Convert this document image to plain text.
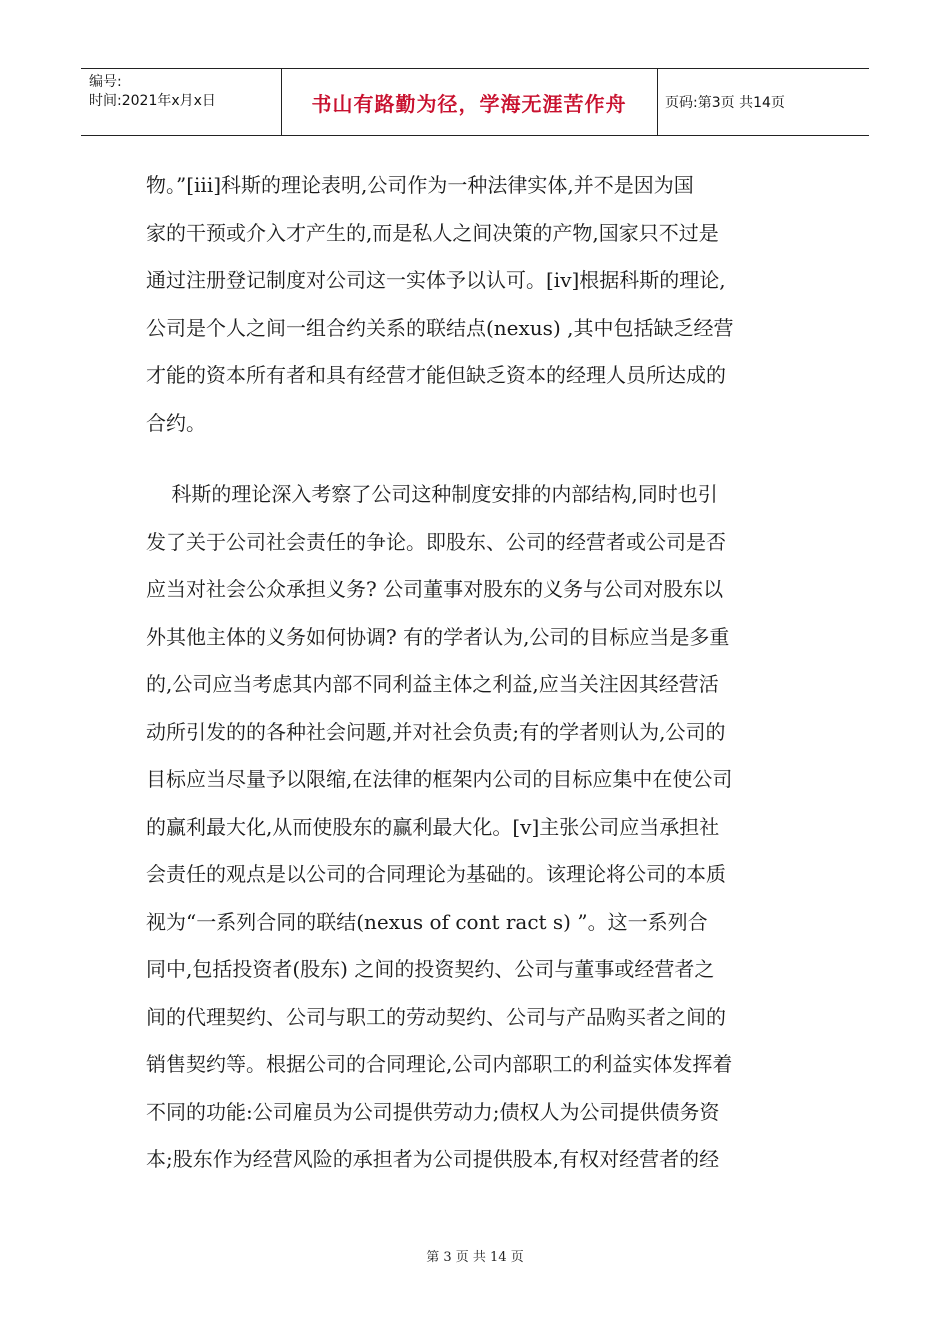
编号:
时间:2021年x月x日	书山有路勤为径，学海无涯苦作舟	页码:第3页 共14页
物。”[iii]科斯的理论表明,公司作为一种法律实体,并不是因为国
家的干预或介入才产生的,而是私人之间决策的产物,国家只不过是
通过注册登记制度对公司这一实体予以认可。[iv]根据科斯的理论,
公司是个人之间一组合约关系的联结点(nexus) ,其中包括缺乏经营
才能的资本所有者和具有经营才能但缺乏资本的经理人员所达成的
合约。
科斯的理论深入考察了公司这种制度安排的内部结构,同时也引
发了关于公司社会责任的争论。即股东、公司的经营者或公司是否
应当对社会公众承担义务? 公司董事对股东的义务与公司对股东以
外其他主体的义务如何协调? 有的学者认为,公司的目标应当是多重
的,公司应当考虑其内部不同利益主体之利益,应当关注因其经营活
动所引发的的各种社会问题,并对社会负责;有的学者则认为,公司的
目标应当尽量予以限缩,在法律的框架内公司的目标应集中在使公司
的赢利最大化,从而使股东的赢利最大化。[v]主张公司应当承担社
会责任的观点是以公司的合同理论为基础的。该理论将公司的本质
视为“一系列合同的联结(nexus of cont ract s) ”。这一系列合
同中,包括投资者(股东) 之间的投资契约、公司与董事或经营者之
间的代理契约、公司与职工的劳动契约、公司与产品购买者之间的
销售契约等。根据公司的合同理论,公司内部职工的利益实体发挥着
不同的功能:公司雇员为公司提供劳动力;债权人为公司提供债务资
本;股东作为经营风险的承担者为公司提供股本,有权对经营者的经
第 3 页 共 14 页
